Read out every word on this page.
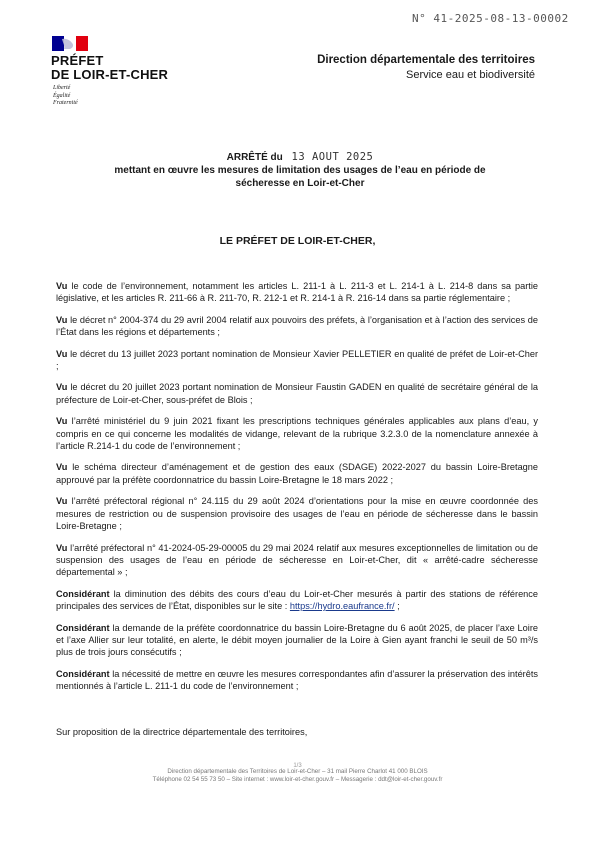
N° 41-2025-08-13-00002
PRÉFET
DE LOIR-ET-CHER
Liberté
Égalité
Fraternité
Direction départementale des territoires
Service eau et biodiversité
ARRÊTÉ du 13 AOUT 2025
mettant en œuvre les mesures de limitation des usages de l’eau en période de
sécheresse en Loir-et-Cher
LE PRÉFET DE LOIR-ET-CHER,

Vu le code de l’environnement, notamment les articles L. 211-1 à L. 211-3 et L. 214-1 à L. 214-8 dans sa partie législative, et les articles R. 211-66 à R. 211-70, R. 212-1 et R. 214-1 à R. 216-14 dans sa partie réglementaire ;

Vu le décret n° 2004-374 du 29 avril 2004 relatif aux pouvoirs des préfets, à l’organisation et à l’action des services de l’État dans les régions et départements ;

Vu le décret du 13 juillet 2023 portant nomination de Monsieur Xavier PELLETIER en qualité de préfet de Loir-et-Cher ;

Vu le décret du 20 juillet 2023 portant nomination de Monsieur Faustin GADEN en qualité de secrétaire général de la préfecture de Loir-et-Cher, sous-préfet de Blois ;

Vu l’arrêté ministériel du 9 juin 2021 fixant les prescriptions techniques générales applicables aux plans d’eau, y compris en ce qui concerne les modalités de vidange, relevant de la rubrique 3.2.3.0 de la nomenclature annexée à l’article R.214-1 du code de l’environnement ;

Vu le schéma directeur d’aménagement et de gestion des eaux (SDAGE) 2022-2027 du bassin Loire-Bretagne approuvé par la préfète coordonnatrice du bassin Loire-Bretagne le 18 mars 2022 ;

Vu l’arrêté préfectoral régional n° 24.115 du 29 août 2024 d’orientations pour la mise en œuvre coordonnée des mesures de restriction ou de suspension provisoire des usages de l’eau en période de sécheresse dans le bassin Loire-Bretagne ;

Vu l’arrêté préfectoral n° 41-2024-05-29-00005 du 29 mai 2024 relatif aux mesures exceptionnelles de limitation ou de suspension des usages de l’eau en période de sécheresse en Loir-et-Cher, dit « arrêté-cadre sécheresse départemental » ;

Considérant la diminution des débits des cours d’eau du Loir-et-Cher mesurés à partir des stations de référence principales des services de l’État, disponibles sur le site : https://hydro.eaufrance.fr/ ;

Considérant la demande de la préfète coordonnatrice du bassin Loire-Bretagne du 6 août 2025, de placer l’axe Loire et l’axe Allier sur leur totalité, en alerte, le débit moyen journalier de la Loire à Gien ayant franchi le seuil de 50 m³/s plus de trois jours consécutifs ;

Considérant la nécessité de mettre en œuvre les mesures correspondantes afin d’assurer la préservation des intérêts mentionnés à l’article L. 211-1 du code de l’environnement ;

Sur proposition de la directrice départementale des territoires,
1/3
Direction départementale des Territoires de Loir-et-Cher – 31 mail Pierre Charlot 41 000 BLOIS
Téléphone 02 54 55 73 50 – Site internet : www.loir-et-cher.gouv.fr – Messagerie : ddt@loir-et-cher.gouv.fr
